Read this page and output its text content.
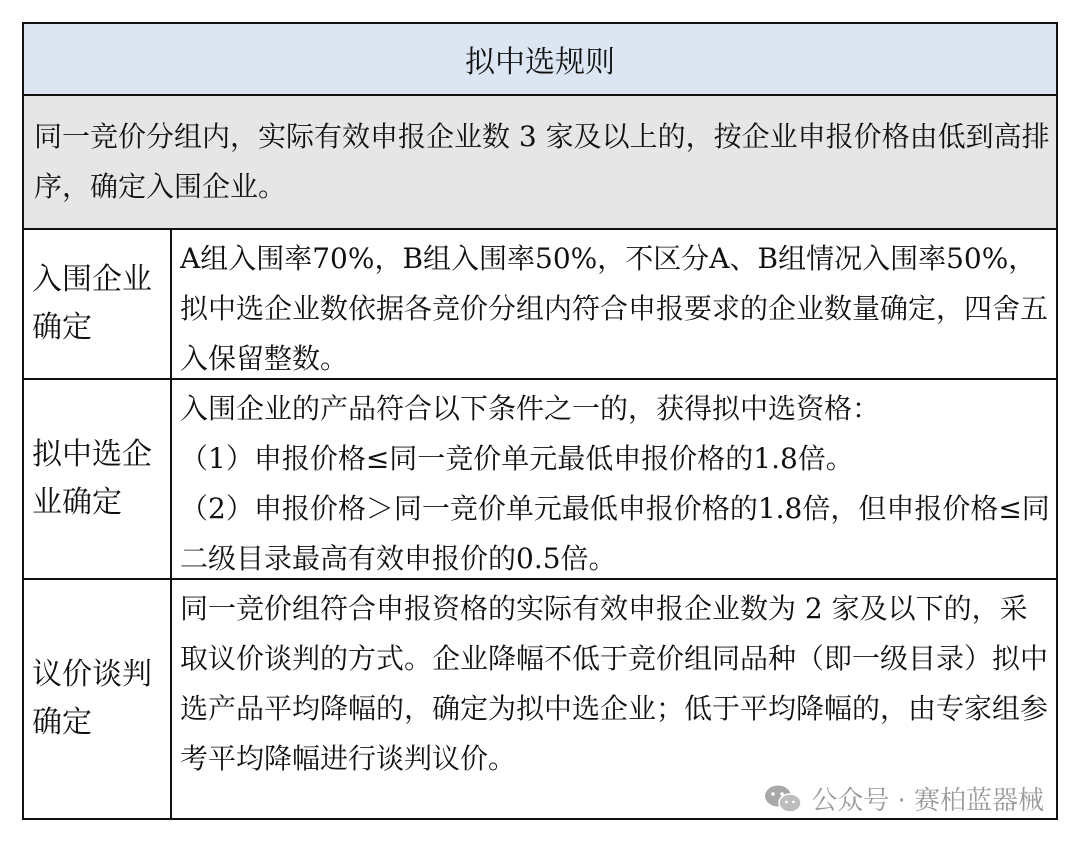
拟中选规则
同一竞价分组内，实际有效申报企业数 3 家及以上的，按企业申报价格由低到高排序，确定入围企业。
入围企业确定
A组入围率70%，B组入围率50%，不区分A、B组情况入围率50%，拟中选企业数依据各竞价分组内符合申报要求的企业数量确定，四舍五入保留整数。
拟中选企业确定
入围企业的产品符合以下条件之一的，获得拟中选资格：
（1）申报价格≤同一竞价单元最低申报价格的1.8倍。
（2）申报价格＞同一竞价单元最低申报价格的1.8倍，但申报价格≤同二级目录最高有效申报价的0.5倍。
议价谈判确定
同一竞价组符合申报资格的实际有效申报企业数为 2 家及以下的，采取议价谈判的方式。企业降幅不低于竞价组同品种（即一级目录）拟中选产品平均降幅的，确定为拟中选企业；低于平均降幅的，由专家组参考平均降幅进行谈判议价。
公众号 · 赛柏蓝器械
